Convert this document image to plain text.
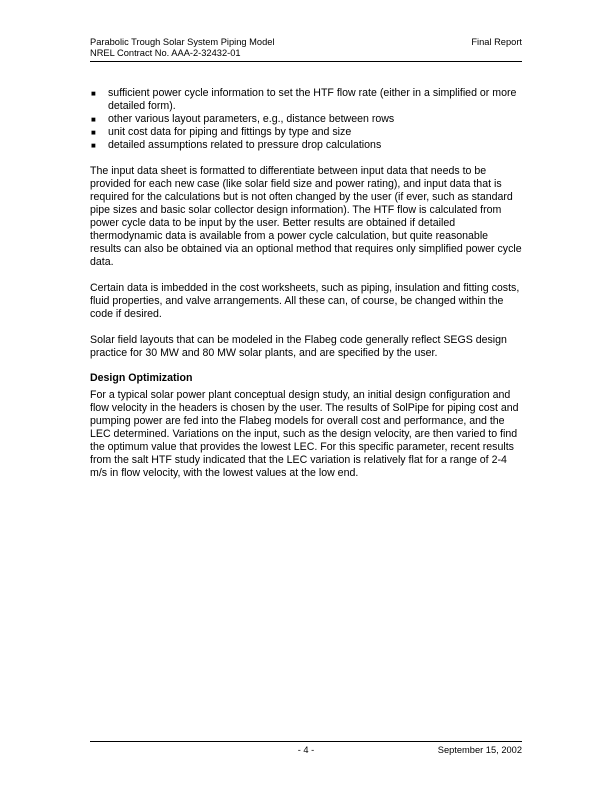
Parabolic Trough Solar System Piping Model
NREL Contract No. AAA-2-32432-01
Final Report
■ sufficient power cycle information to set the HTF flow rate (either in a simplified or more detailed form).
■ other various layout parameters, e.g., distance between rows
■ unit cost data for piping and fittings by type and size
■ detailed assumptions related to pressure drop calculations

The input data sheet is formatted to differentiate between input data that needs to be provided for each new case (like solar field size and power rating), and input data that is required for the calculations but is not often changed by the user (if ever, such as standard pipe sizes and basic solar collector design information). The HTF flow is calculated from power cycle data to be input by the user. Better results are obtained if detailed thermodynamic data is available from a power cycle calculation, but quite reasonable results can also be obtained via an optional method that requires only simplified power cycle data.

Certain data is imbedded in the cost worksheets, such as piping, insulation and fitting costs, fluid properties, and valve arrangements. All these can, of course, be changed within the code if desired.

Solar field layouts that can be modeled in the Flabeg code generally reflect SEGS design practice for 30 MW and 80 MW solar plants, and are specified by the user.

Design Optimization

For a typical solar power plant conceptual design study, an initial design configuration and flow velocity in the headers is chosen by the user. The results of SolPipe for piping cost and pumping power are fed into the Flabeg models for overall cost and performance, and the LEC determined. Variations on the input, such as the design velocity, are then varied to find the optimum value that provides the lowest LEC. For this specific parameter, recent results from the salt HTF study indicated that the LEC variation is relatively flat for a range of 2-4 m/s in flow velocity, with the lowest values at the low end.

- 4 -	September 15, 2002
